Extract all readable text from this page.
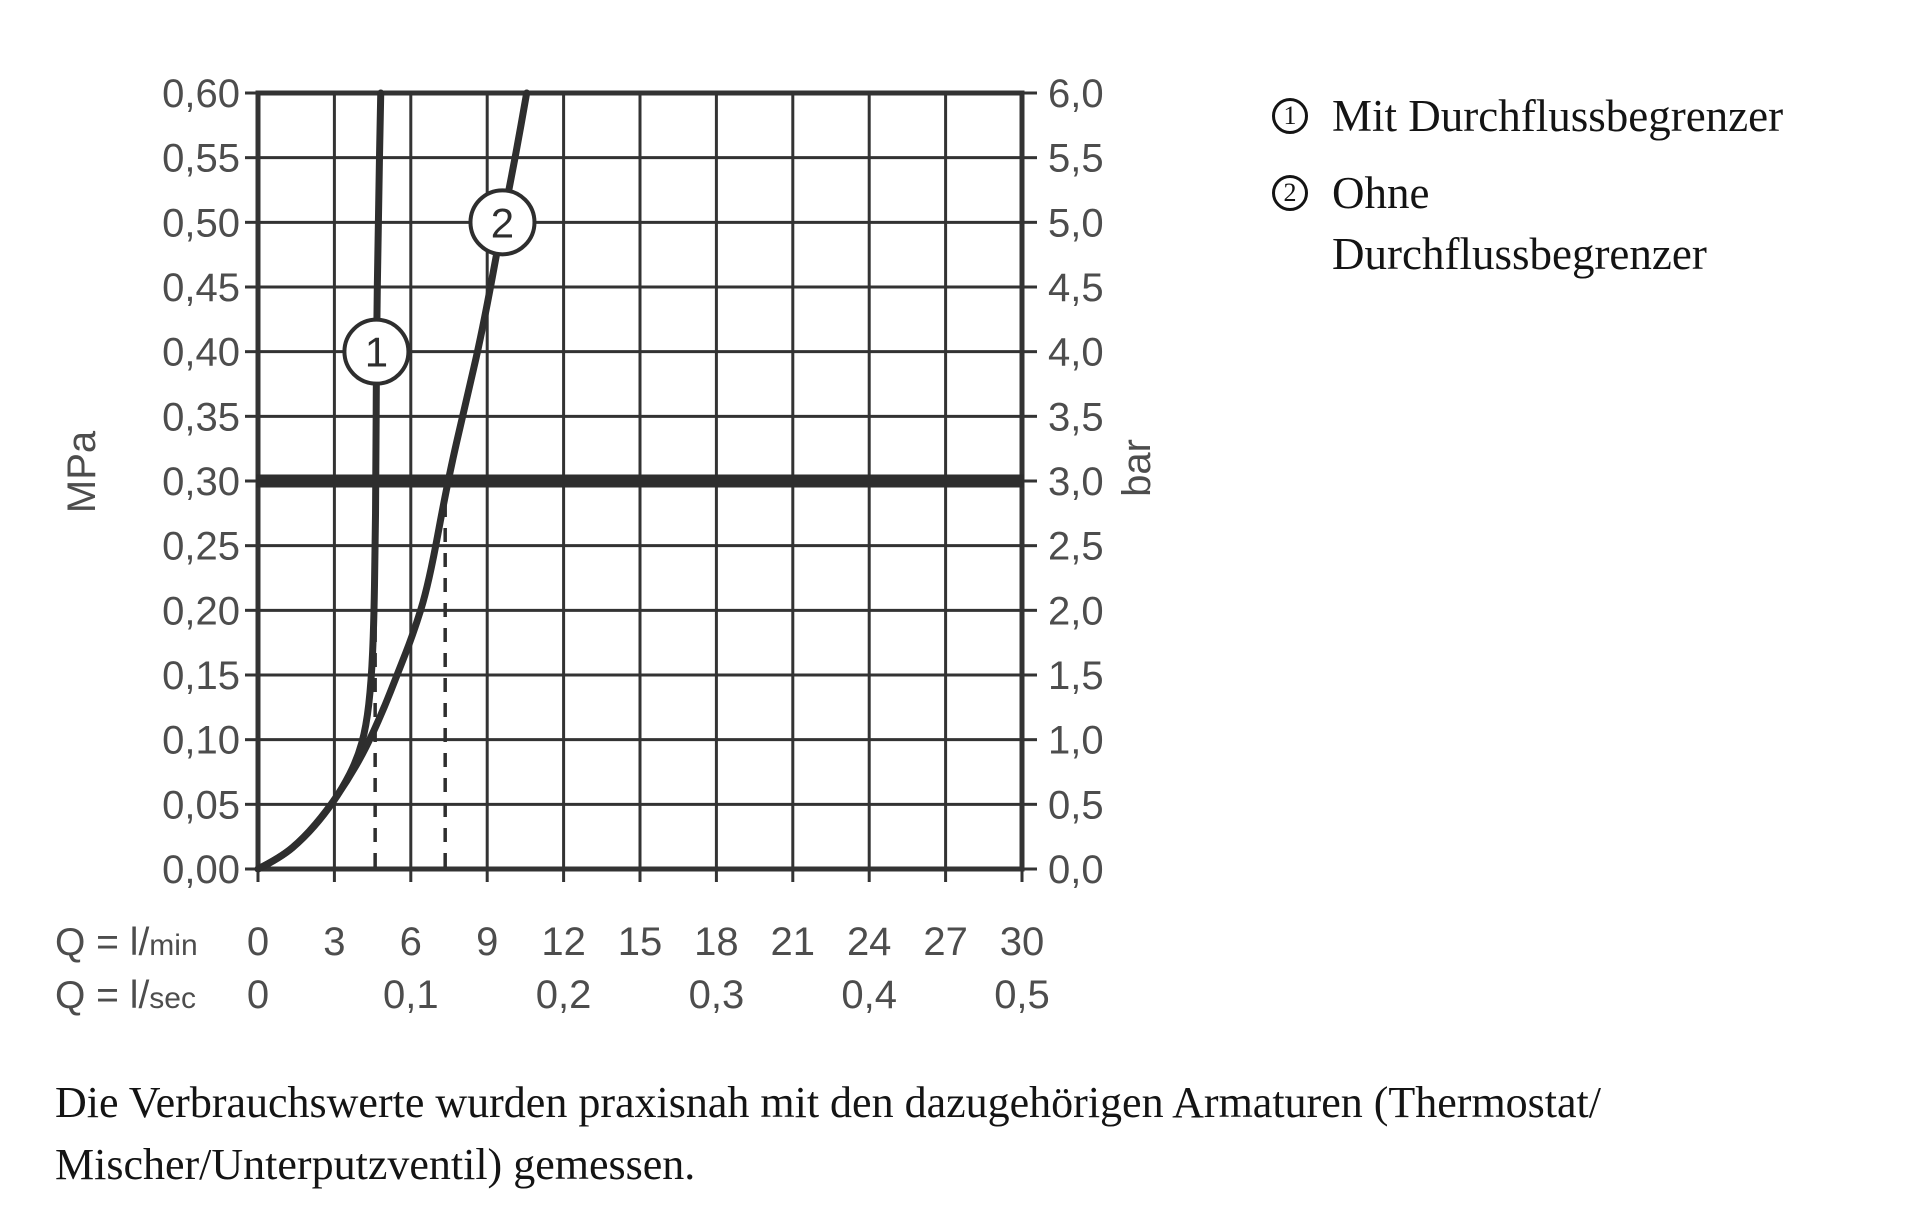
1
2
0,00
0,05
0,10
0,15
0,20
0,25
0,30
0,35
0,40
0,45
0,50
0,55
0,60
0,0
0,5
1,0
1,5
2,0
2,5
3,0
3,5
4,0
4,5
5,0
5,5
6,0
0 3 6 9 12 15 18 21 24 27 30
0	0,1 0,2 0,3 0,4 0,5
Q = l/min
Q = l/sec
MPa	bar
1 Mit Durchflussbegrenzer
2 Ohne
Durchflussbegrenzer
Die Verbrauchswerte wurden praxisnah mit den dazugehörigen Armaturen (Thermostat/
Mischer/Unterputzventil) gemessen.
